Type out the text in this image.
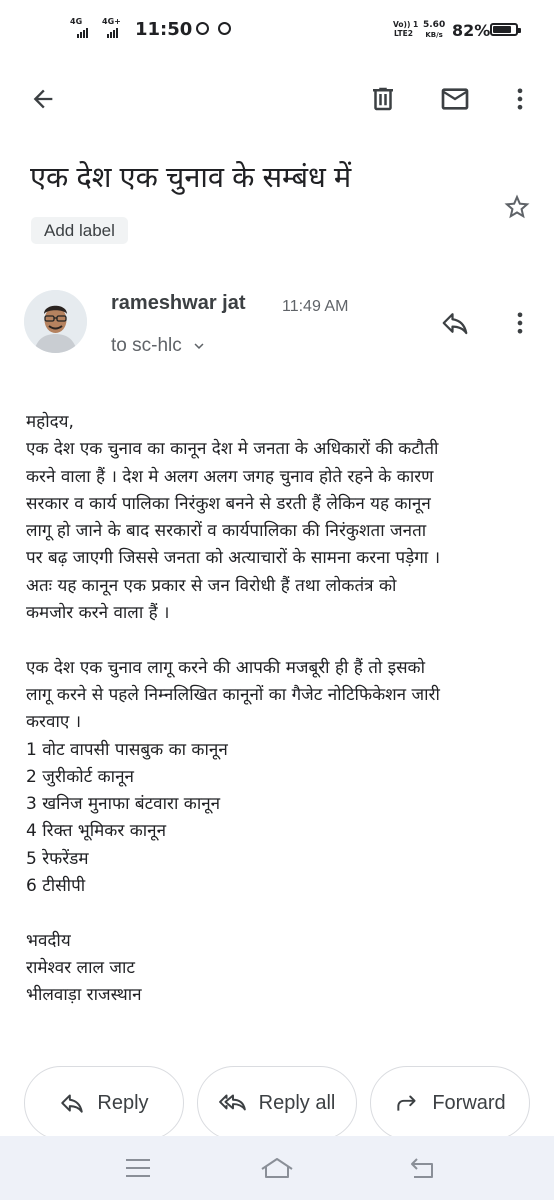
4G 4G+ 11:50	Vo)) 1
LTE2
5.60
KB/s 82%
एक देश एक चुनाव के सम्बंध में
Add label
rameshwar jat 11:49 AM
to sc-hlc
महोदय,
एक देश एक चुनाव का कानून देश मे जनता के अधिकारों की कटौती
करने वाला हैं । देश मे अलग अलग जगह चुनाव होते रहने के कारण
सरकार व कार्य पालिका निरंकुश बनने से डरती हैं लेकिन यह कानून
लागू हो जाने के बाद सरकारों व कार्यपालिका की निरंकुशता जनता
पर बढ़ जाएगी जिससे जनता को अत्याचारों के सामना करना पड़ेगा ।
अतः यह कानून एक प्रकार से जन विरोधी हैं तथा लोकतंत्र को
कमजोर करने वाला हैं ।
एक देश एक चुनाव लागू करने की आपकी मजबूरी ही हैं तो इसको
लागू करने से पहले निम्नलिखित कानूनों का गैजेट नोटिफिकेशन जारी
करवाए ।
1 वोट वापसी पासबुक का कानून
2 जुरीकोर्ट कानून
3 खनिज मुनाफा बंटवारा कानून
4 रिक्त भूमिकर कानून
5 रेफरेंडम
6 टीसीपी
भवदीय
रामेश्वर लाल जाट
भीलवाड़ा राजस्थान
Reply	Reply all	Forward
